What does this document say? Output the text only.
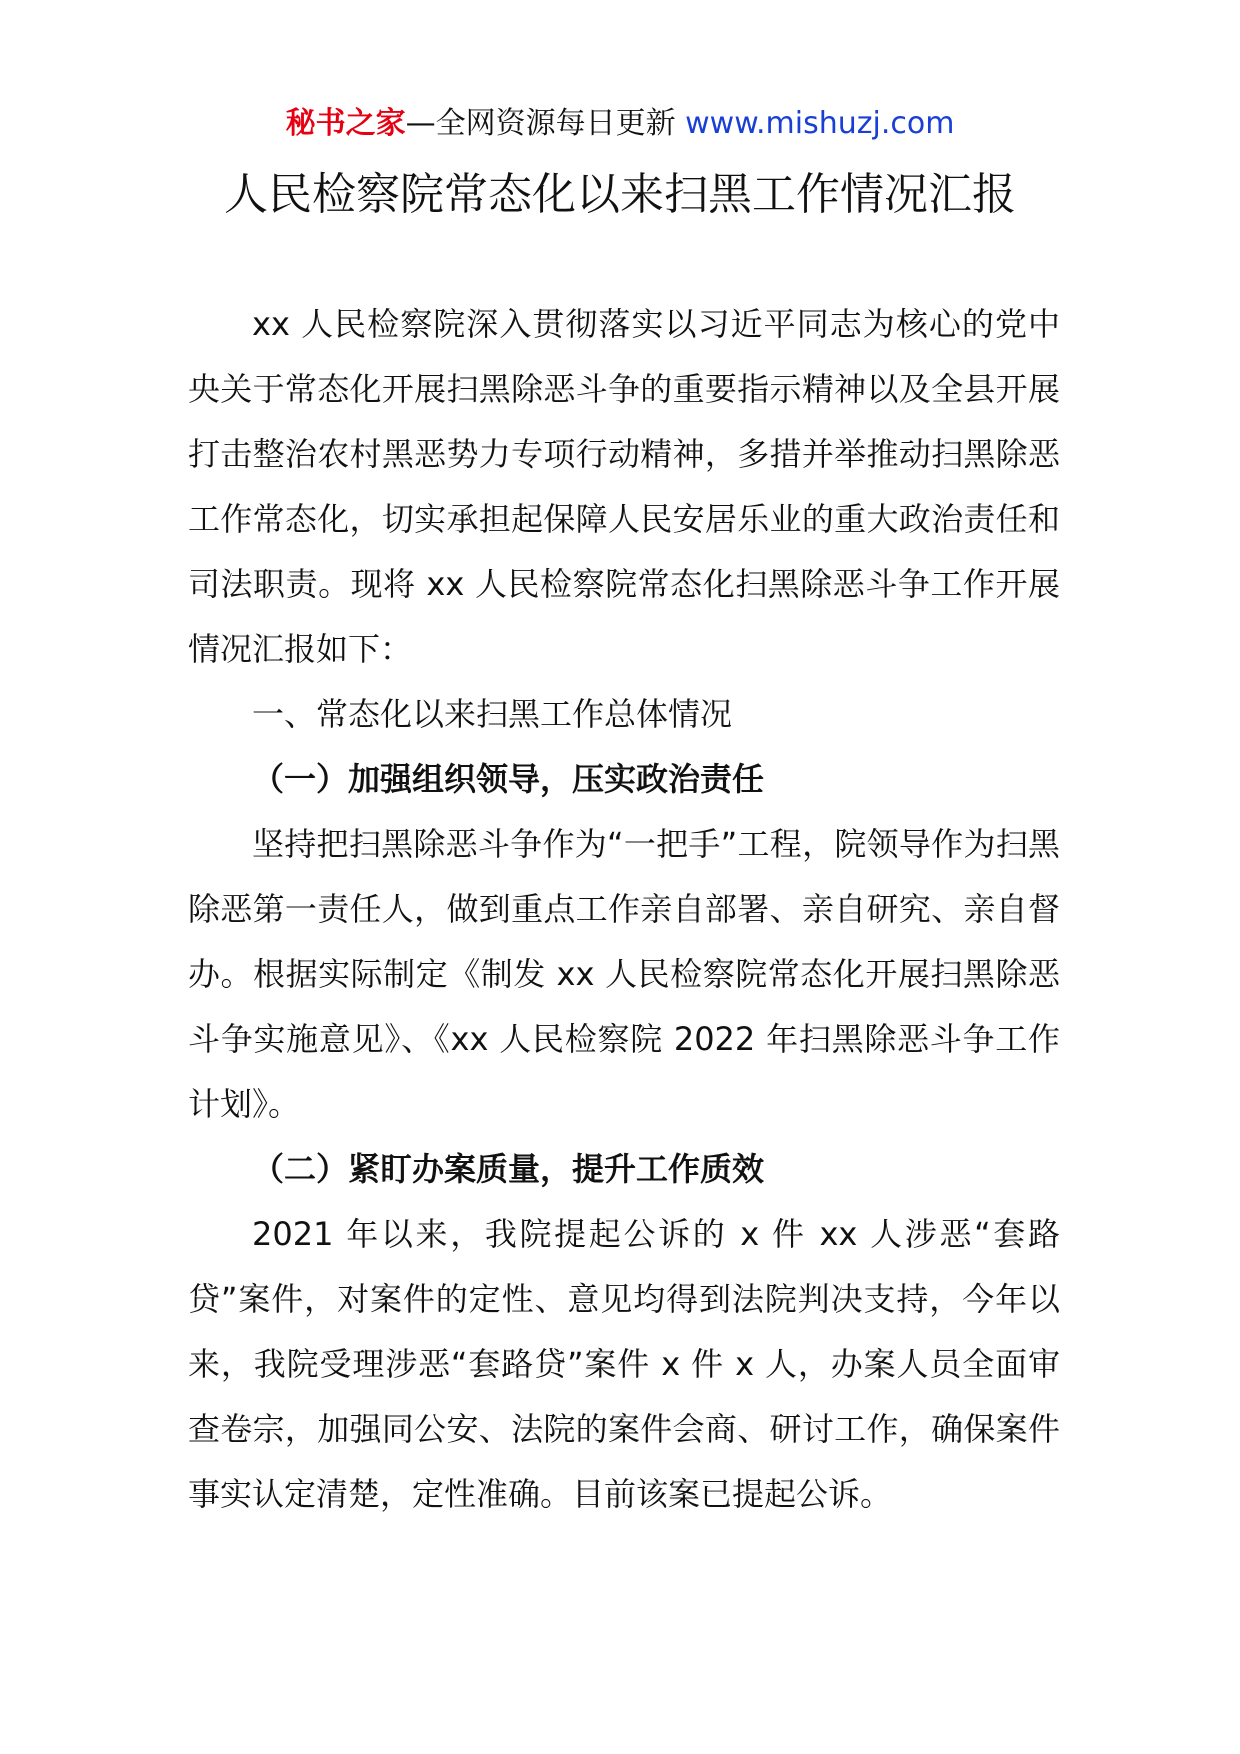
秘书之家—全网资源每日更新 www.mishuzj.com
人民检察院常态化以来扫黑工作情况汇报

xx 人民检察院深入贯彻落实以习近平同志为核心的党中央关于常态化开展扫黑除恶斗争的重要指示精神以及全县开展打击整治农村黑恶势力专项行动精神，多措并举推动扫黑除恶工作常态化，切实承担起保障人民安居乐业的重大政治责任和司法职责。现将 xx 人民检察院常态化扫黑除恶斗争工作开展情况汇报如下：

一、常态化以来扫黑工作总体情况

（一）加强组织领导，压实政治责任

坚持把扫黑除恶斗争作为“一把手”工程，院领导作为扫黑除恶第一责任人，做到重点工作亲自部署、亲自研究、亲自督办。根据实际制定《制发 xx 人民检察院常态化开展扫黑除恶斗争实施意见》、《xx 人民检察院 2022 年扫黑除恶斗争工作计划》。

（二）紧盯办案质量，提升工作质效

2021 年以来，我院提起公诉的 x 件 xx 人涉恶“套路贷”案件，对案件的定性、意见均得到法院判决支持，今年以来，我院受理涉恶“套路贷”案件 x 件 x 人，办案人员全面审查卷宗，加强同公安、法院的案件会商、研讨工作，确保案件事实认定清楚，定性准确。目前该案已提起公诉。
